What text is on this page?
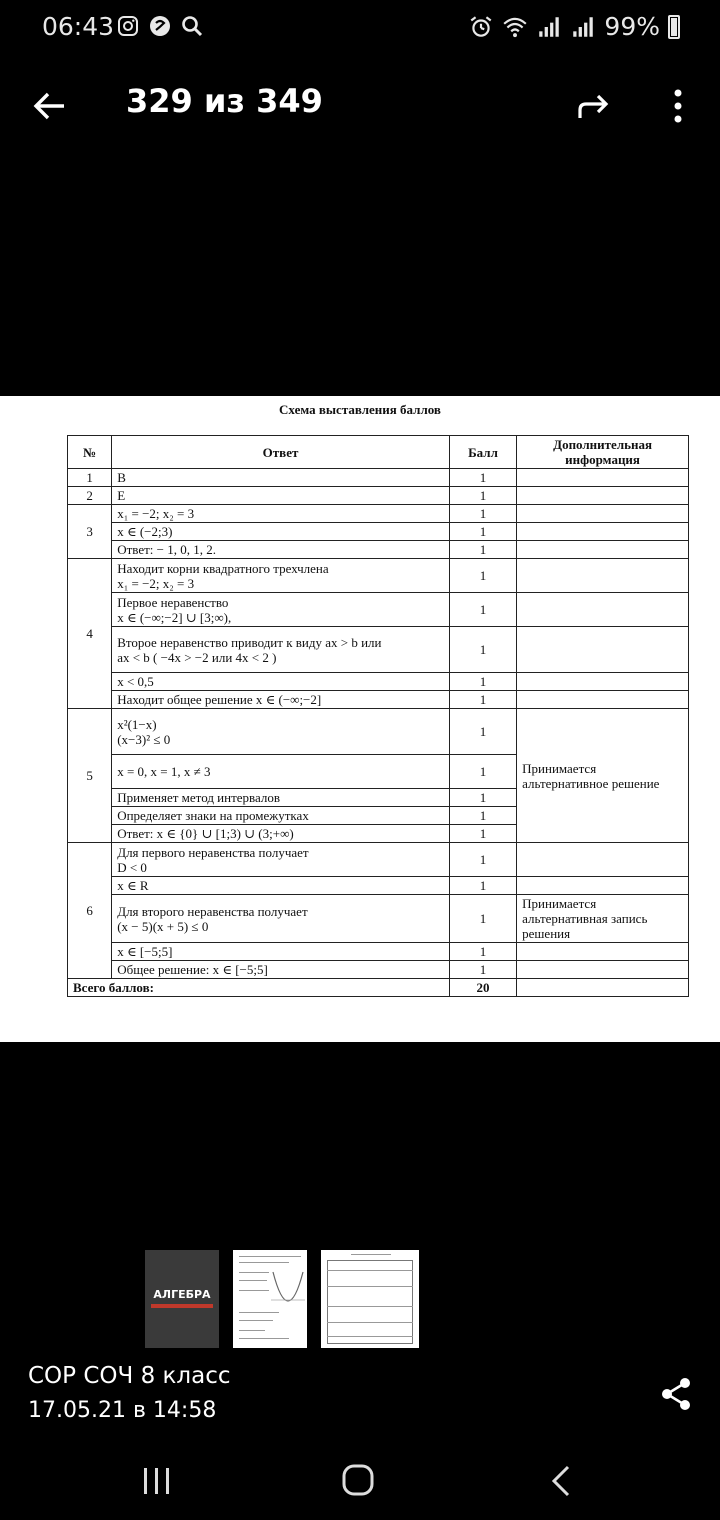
06:43	99%
329 из 349
Схема выставления баллов
№	Ответ	Балл	Дополнительная информация
1	B	1	
2	E	1	
3	x₁ = −2; x₂ = 3	1	
	x ∈ (−2;3)	1	
	Ответ: − 1, 0, 1, 2.	1	
4	Находит корни квадратного трехчлена
x₁ = −2; x₂ = 3	1	

	Первое неравенство
x ∈ (−∞;−2] ∪ [3;∞),	1	

	Второе неравенство приводит к виду ax > b или
ax < b ( −4x > −2 или 4x < 2 )	1	
	x < 0,5	1	
	Находит общее решение x ∈ (−∞;−2]	1	
5	x²(1−x)
(x−3)² ≤ 0	1	Принимается альтернативное решение
	x = 0, x = 1, x ≠ 3	1	
	Применяет метод интервалов	1	
	Определяет знаки на промежутках	1	
	Ответ: x ∈ {0} ∪ [1;3) ∪ (3;+∞)	1	
6	Для первого неравенства получает
D < 0	1	
	x ∈ R	1	

	Для второго неравенства получает
(x − 5)(x + 5) ≤ 0	1	Принимается альтернативная запись решения
	x ∈ [−5;5]	1	
	Общее решение: x ∈ [−5;5]	1	
Всего баллов:		20	
АЛГЕБРА
СОР СОЧ 8 класс
17.05.21 в 14:58
